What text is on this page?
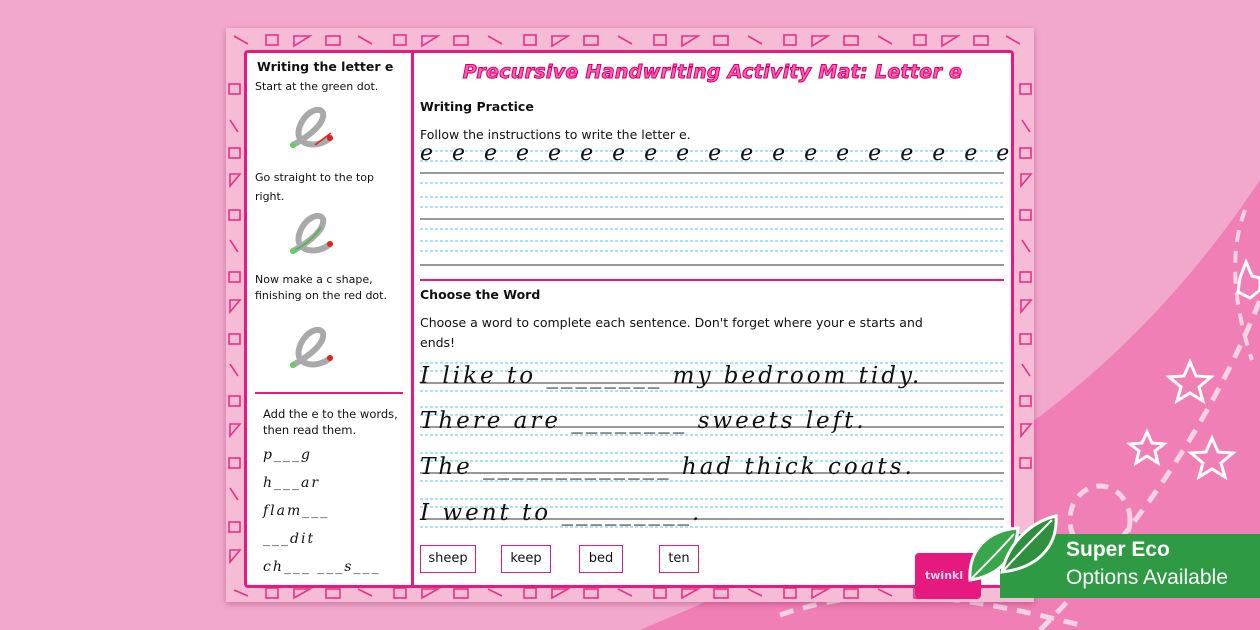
Writing the letter e
Start at the green dot.
Go straight to the top right.
Now make a c shape, finishing on the red dot.
Add the e to the words, then read them.
p___g
h___ar
flam___
___dit
ch___ ___s___
Precursive Handwriting Activity Mat: Letter e
Writing Practice
Follow the instructions to write the letter e.
e e e e e e e e e e e e e e e e e e e
Choose the Word
Choose a word to complete each sentence. Don't forget where your e starts and ends!
I like to ________ my bedroom tidy.
There are ________ sweets left.
The _____________ had thick coats.
I went to _________.
sheep	keep	bed	ten
twinkl
Super Eco
Options Available
